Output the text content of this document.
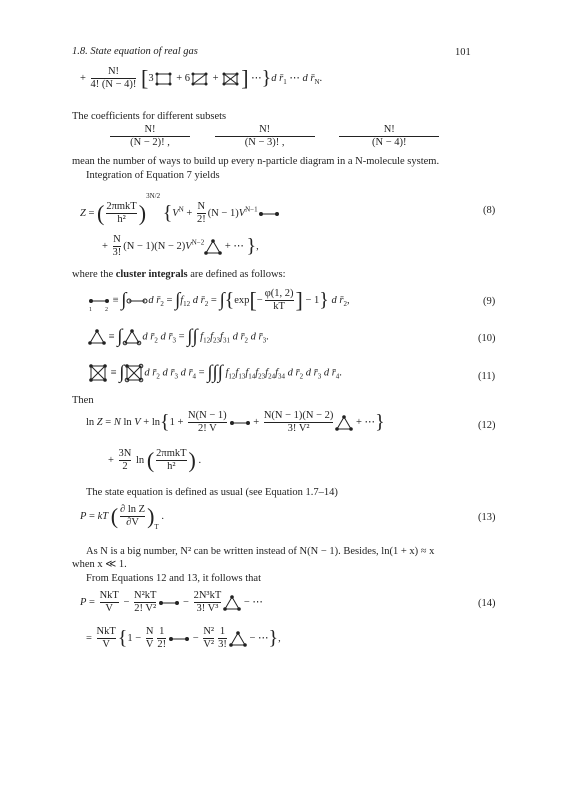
1.8. State equation of real gas	101
+ $\frac{N!}{4! (N - 4)!} [3 + 6$ + ] ⋯}d $r̄_1$ ⋯ d $r̄_N$.
The coefficients for different subsets
$\frac{N!}{(N - 2)! ,}$
$\frac{N!}{(N - 3)! ,}$
$\frac{N!}{(N - 4)!}$
mean the number of ways to build up every n-particle diagram in a N-molecule system.
Integration of Equation 7 yields
Z = ( $\frac{\text{2πmkT}}{\text{h²}} )^{3N/2}$ {$V^N + \frac{N}{2!} (N - 1)V^{N-1}$	(8)
+ $\frac{N}{3!} (N - 1)(N - 2)V^{N-2}$ + ⋯ },
where the cluster integrals are defined as follows:
≡ ∫ d $r̄_2 = \int f_{12}$ d $r̄_2 = \int\{\exp[- \frac{\varphi(1, 2)}{kT}$ ] − 1} d $r̄_2$,
1 2
(9)
≡ ∫ d $r̄_2$ d $r̄_3$ = ∫∫ $f_{12}f_{23}f_{31}$ d $r̄_2$ d $r̄_3$.	(10)
≡ ∫ d $r̄_2$ d $r̄_3$ d $r̄_4$ = ∫∫∫ $f_{12}f_{13}f_{14}f_{23}f_{24}f_{34}$ d $r̄_2$ d $r̄_3$ d $r̄_4$.	(11)
Then
ln Z = N $\ln V + \ln\{1 + \frac{N(N - 1)}{2! V} + \frac{N(N - 1)(N - 2)}{\text{3! V²}}$ + ⋯}	(12)
+ $\frac{3N}{2}$ ln ( $\frac{\text{2πmkT}}{\text{h²}}$ ) .
The state equation is defined as usual (see Equation 1.7–14)
P = kT ( $\frac{\text{∂ ln Z}}{\partial V} )_T$ .	(13)
As N is a big number, N² can be written instead of N(N − 1). Besides, ln(1 + x) ≈ x
when x ≪ 1.
From Equations 12 and 13, it follows that
$P = \frac{\text{NkT}}{V} - \frac{\text{N²kT}}{\text{2! V²}} - \frac{\text{2N³kT}}{\text{3! V³}}$ − ⋯	(14)
= $\frac{\text{NkT}}{V} \{1 - \frac{N}{V} \frac{1}{2!} - \frac{\text{N²}}{\text{V²}} \frac{1}{3!}$ − ⋯},
